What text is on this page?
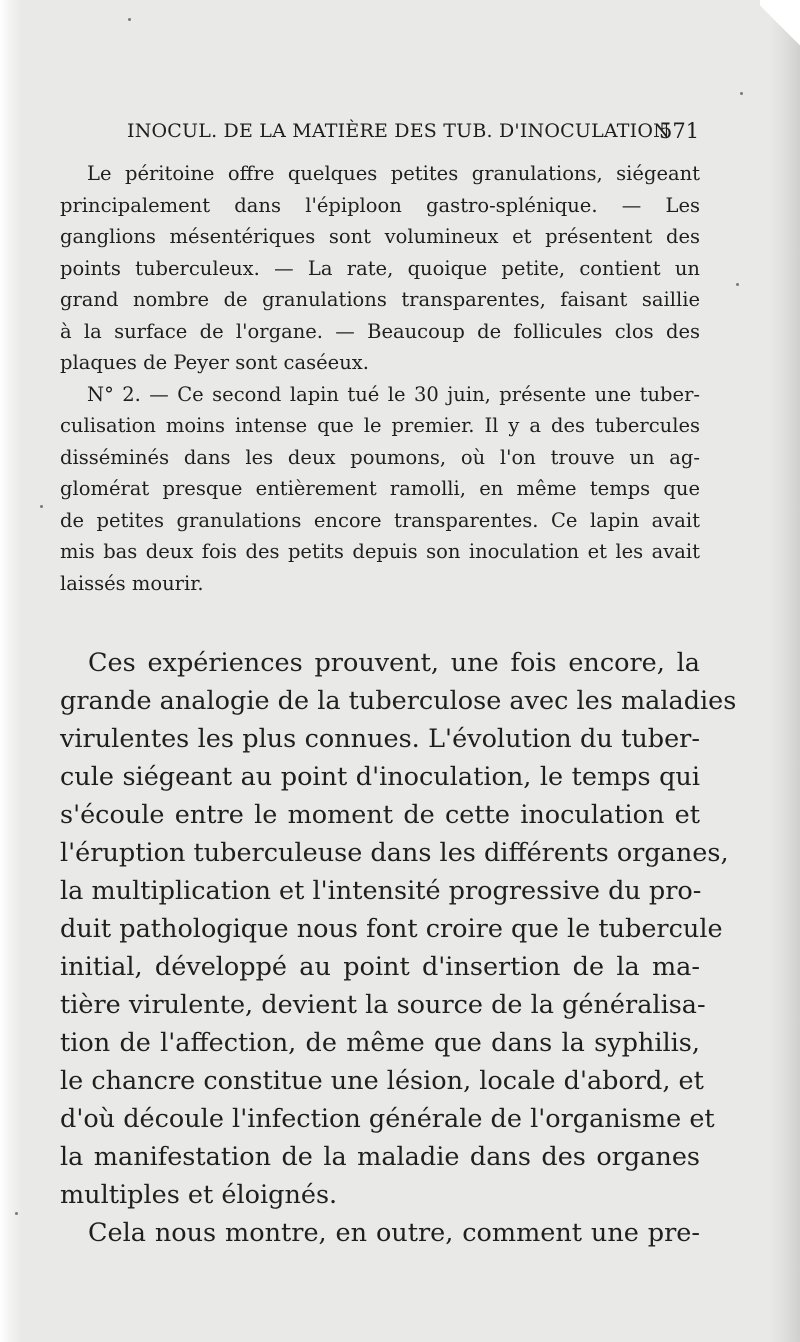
INOCUL. DE LA MATIÈRE DES TUB. D'INOCULATION
571
Le péritoine offre quelques petites granulations, siégeant
principalement dans l'épiploon gastro-splénique. — Les
ganglions mésentériques sont volumineux et présentent des
points tuberculeux. — La rate, quoique petite, contient un
grand nombre de granulations transparentes, faisant saillie
à la surface de l'organe. — Beaucoup de follicules clos des
plaques de Peyer sont caséeux.
N° 2. — Ce second lapin tué le 30 juin, présente une tuber-
culisation moins intense que le premier. Il y a des tubercules
disséminés dans les deux poumons, où l'on trouve un ag-
glomérat presque entièrement ramolli, en même temps que
de petites granulations encore transparentes. Ce lapin avait
mis bas deux fois des petits depuis son inoculation et les avait
laissés mourir.
Ces expériences prouvent, une fois encore, la
grande analogie de la tuberculose avec les maladies
virulentes les plus connues. L'évolution du tuber-
cule siégeant au point d'inoculation, le temps qui
s'écoule entre le moment de cette inoculation et
l'éruption tuberculeuse dans les différents organes,
la multiplication et l'intensité progressive du pro-
duit pathologique nous font croire que le tubercule
initial, développé au point d'insertion de la ma-
tière virulente, devient la source de la généralisa-
tion de l'affection, de même que dans la syphilis,
le chancre constitue une lésion, locale d'abord, et
d'où découle l'infection générale de l'organisme et
la manifestation de la maladie dans des organes
multiples et éloignés.
Cela nous montre, en outre, comment une pre-
